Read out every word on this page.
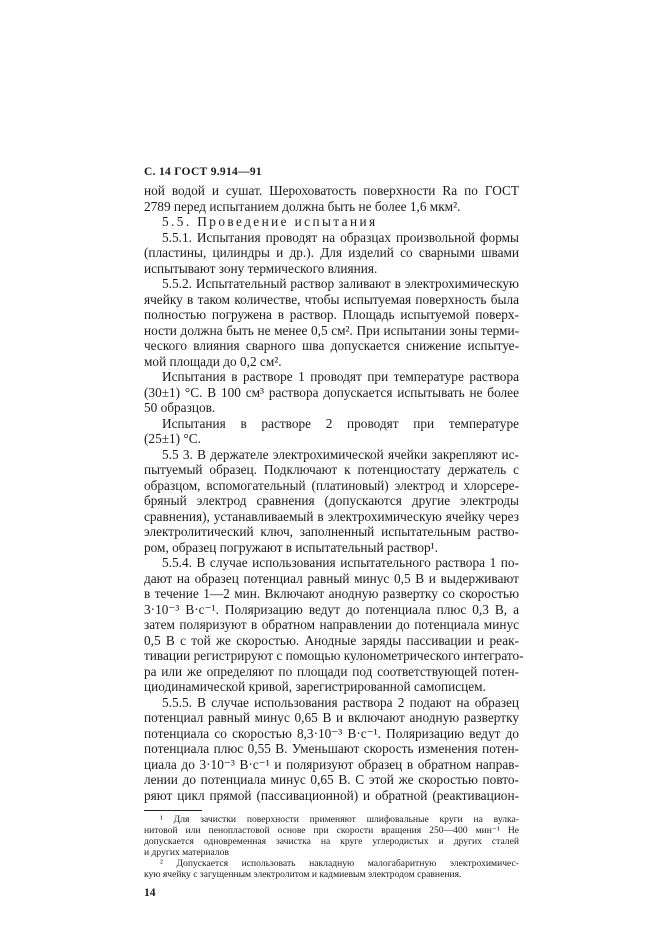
С. 14 ГОСТ 9.914—91
ной водой и сушат. Шероховатость поверхности Ra по ГОСТ
2789 перед испытанием должна быть не более 1,6 мкм².
5.5. Проведение испытания
5.5.1. Испытания проводят на образцах произвольной формы
(пластины, цилиндры и др.). Для изделий со сварными швами
испытывают зону термического влияния.
5.5.2. Испытательный раствор заливают в электрохимическую
ячейку в таком количестве, чтобы испытуемая поверхность была
полностью погружена в раствор. Площадь испытуемой поверх-
ности должна быть не менее 0,5 см². При испытании зоны терми-
ческого влияния сварного шва допускается снижение испытуе-
мой площади до 0,2 см².
Испытания в растворе 1 проводят при температуре раствора
(30±1) °С. В 100 см³ раствора допускается испытывать не более
50 образцов.
Испытания в растворе 2 проводят при температуре
(25±1) °С.
5.5 3. В держателе электрохимической ячейки закрепляют ис-
пытуемый образец. Подключают к потенциостату держатель с
образцом, вспомогательный (платиновый) электрод и хлорсере-
бряный электрод сравнения (допускаются другие электроды
сравнения), устанавливаемый в электрохимическую ячейку через
электролитический ключ, заполненный испытательным раство-
ром, образец погружают в испытательный раствор¹.
5.5.4. В случае использования испытательного раствора 1 по-
дают на образец потенциал равный минус 0,5 В и выдерживают
в течение 1—2 мин. Включают анодную развертку со скоростью
3·10⁻³ В·с⁻¹. Поляризацию ведут до потенциала плюс 0,3 В, а
затем поляризуют в обратном направлении до потенциала минус
0,5 В с той же скоростью. Анодные заряды пассивации и реак-
тивации регистрируют с помощью кулонометрического интеграто-
ра или же определяют по площади под соответствующей потен-
циодинамической кривой, зарегистрированной самописцем.
5.5.5. В случае использования раствора 2 подают на образец
потенциал равный минус 0,65 В и включают анодную развертку
потенциала со скоростью 8,3·10⁻³ В·с⁻¹. Поляризацию ведут до
потенциала плюс 0,55 В. Уменьшают скорость изменения потен-
циала до 3·10⁻³ В·с⁻¹ и поляризуют образец в обратном направ-
лении до потенциала минус 0,65 В. С этой же скоростью повто-
ряют цикл прямой (пассивационной) и обратной (реактивацион-
¹ Для зачистки поверхности применяют шлифовальные круги на вулка-
нитовой или пенопластовой основе при скорости вращения 250—400 мин⁻¹ Не
допускается одновременная зачистка на круге углеродистых и других сталей
и других материалов
² Допускается использовать накладную малогабаритную электрохимичес-
кую ячейку с загущенным электролитом и кадмиевым электродом сравнения.
14
